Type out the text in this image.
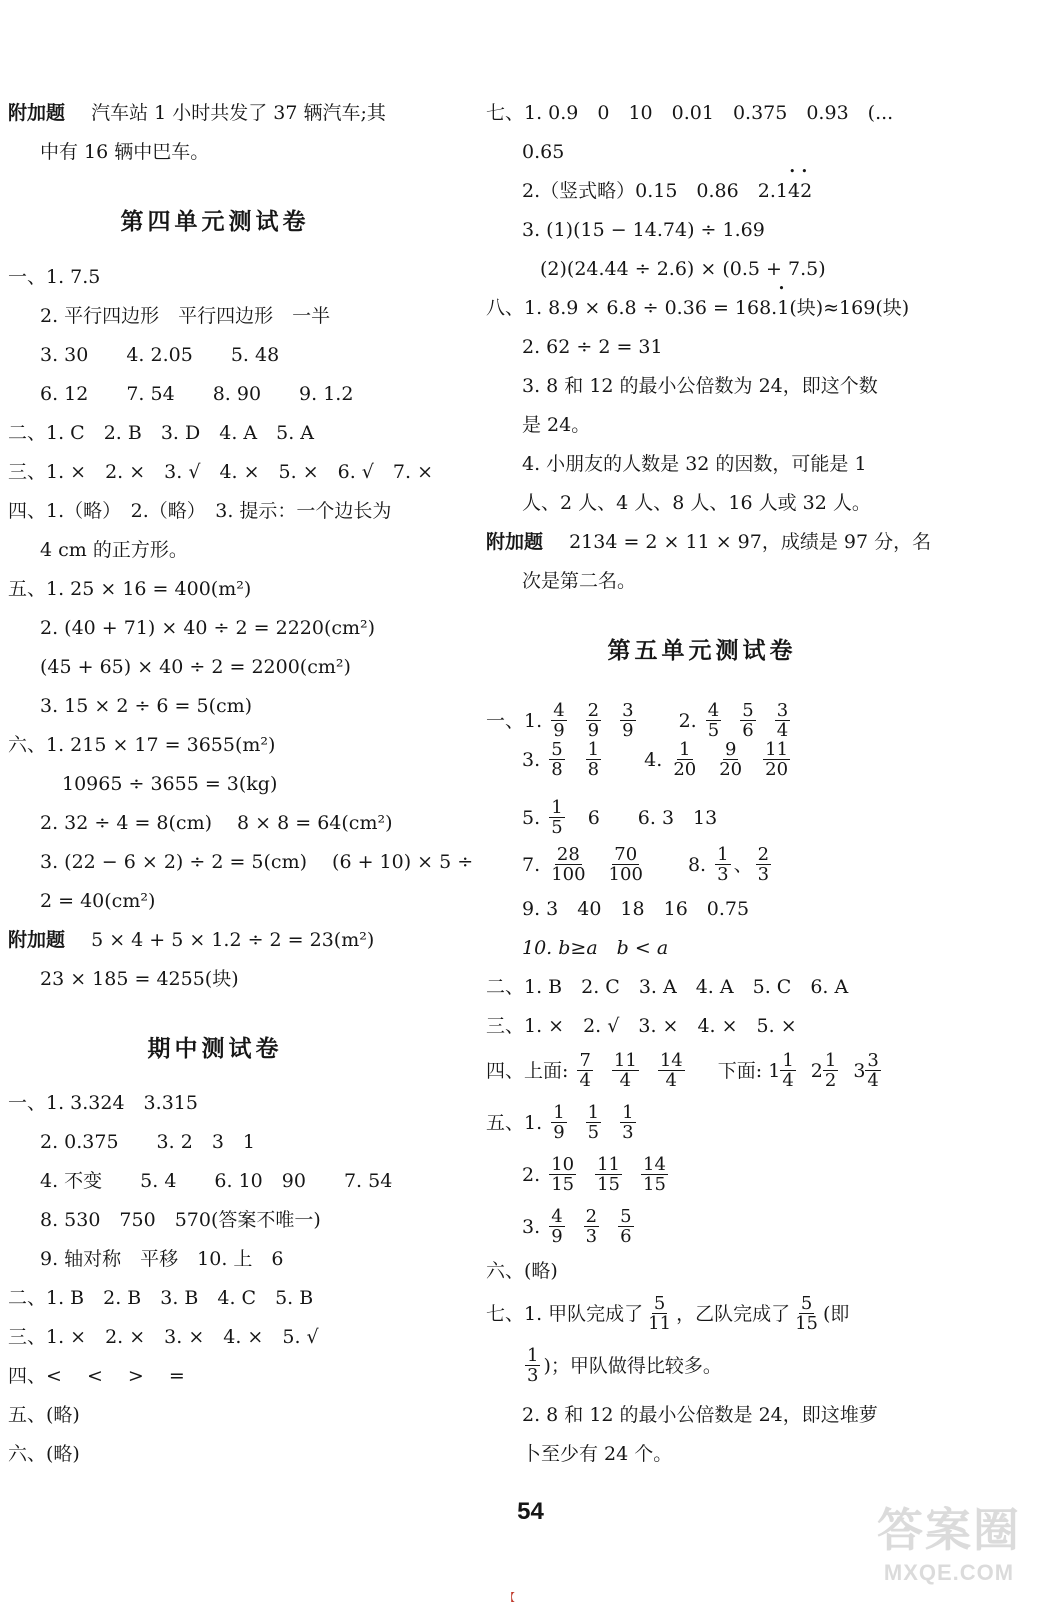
附加题 汽车站 1 小时共发了 37 辆汽车;其
中有 16 辆中巴车。
第四单元测试卷
一、1. 7.5
2. 平行四边形　平行四边形　一半
3. 30　　4. 2.05　　5. 48
6. 12　　7. 54　　8. 90　　9. 1.2
二、1. C　2. B　3. D　4. A　5. A
三、1. ×　2. ×　3. √　4. ×　5. ×　6. √　7. ×
四、1.（略）　2.（略）　3. 提示：一个边长为
4 cm 的正方形。
五、1. 25 × 16 = 400(m²)
2. (40 + 71) × 40 ÷ 2 = 2220(cm²)
(45 + 65) × 40 ÷ 2 = 2200(cm²)
3. 15 × 2 ÷ 6 = 5(cm)
六、1. 215 × 17 = 3655(m²)
10965 ÷ 3655 = 3(kg)
2. 32 ÷ 4 = 8(cm)　 8 × 8 = 64(cm²)
3. (22 − 6 × 2) ÷ 2 = 5(cm)　 (6 + 10) × 5 ÷
2 = 40(cm²)
附加题 5 × 4 + 5 × 1.2 ÷ 2 = 23(m²)
23 × 185 = 4255(块)
期中测试卷
一、1. 3.324　3.315
2. 0.375　　3. 2　3　1
4. 不变　　5. 4　　6. 10　90　　7. 54
8. 530　750　570(答案不唯一)
9. 轴对称　平移　10. 上　6
二、1. B　2. B　3. B　4. C　5. B
三、1. ×　2. ×　3. ×　4. ×　5. √
四、<　 <　 >　 =
五、(略)
六、(略)
七、1. 0.9　0　10　0.01　0.375　0.93　(...
0.65
2.（竖式略）0.15　0.86　2.1• 4• 2
3. (1)(15 − 14.74) ÷ 1.69
(2)(24.44 ÷ 2.6) × (0.5 + 7.5)
八、1. 8.9 × 6.8 ÷ 0.36 = 168.• 1(块)≈169(块)
2. 62 ÷ 2 = 31
3. 8 和 12 的最小公倍数为 24，即这个数
是 24。
4. 小朋友的人数是 32 的因数，可能是 1
人、2 人、4 人、8 人、16 人或 32 人。
附加题 2134 = 2 × 11 × 97，成绩是 97 分，名
次是第二名。
第五单元测试卷
一、1. $\frac{4}{9} \frac{2}{9} \frac{3}{9} 2$. $\frac{4}{5} \frac{5}{6} \frac{3}{4}$
3. $\frac{5}{8} \frac{1}{8} 4$. $\frac{1}{20} \frac{9}{20} \frac{11}{20}$
5. $\frac{1}{5} 6$　　6. 3　13
7. $\frac{28}{100} \frac{70}{100} 8$. $\frac{1}{3}$ 、 $\frac{2}{3}$
9. 3　40　18　16　0.75
10. b≥a　b < a
二、1. B　2. C　3. A　4. A　5. C　6. A
三、1. ×　2. √　3. ×　4. ×　5. ×
四、上面: $\frac{7}{4} \frac{11}{4} \frac{14}{4}$ 下面: $1 \frac{1}{4} 2 \frac{1}{2} 3 \frac{3}{4}$
五、1. $\frac{1}{9} \frac{1}{5} \frac{1}{3}$
2. $\frac{10}{15} \frac{11}{15} \frac{14}{15}$
3. $\frac{4}{9} \frac{2}{3} \frac{5}{6}$
六、(略)
七、1. 甲队完成了 $\frac{5}{11}$ ，乙队完成了 $\frac{5}{15}$ (即
$\frac{1}{3}$ )；甲队做得比较多。
2. 8 和 12 的最小公倍数是 24，即这堆萝
卜至少有 24 个。
54	答案圈
MXQE.COM
【
